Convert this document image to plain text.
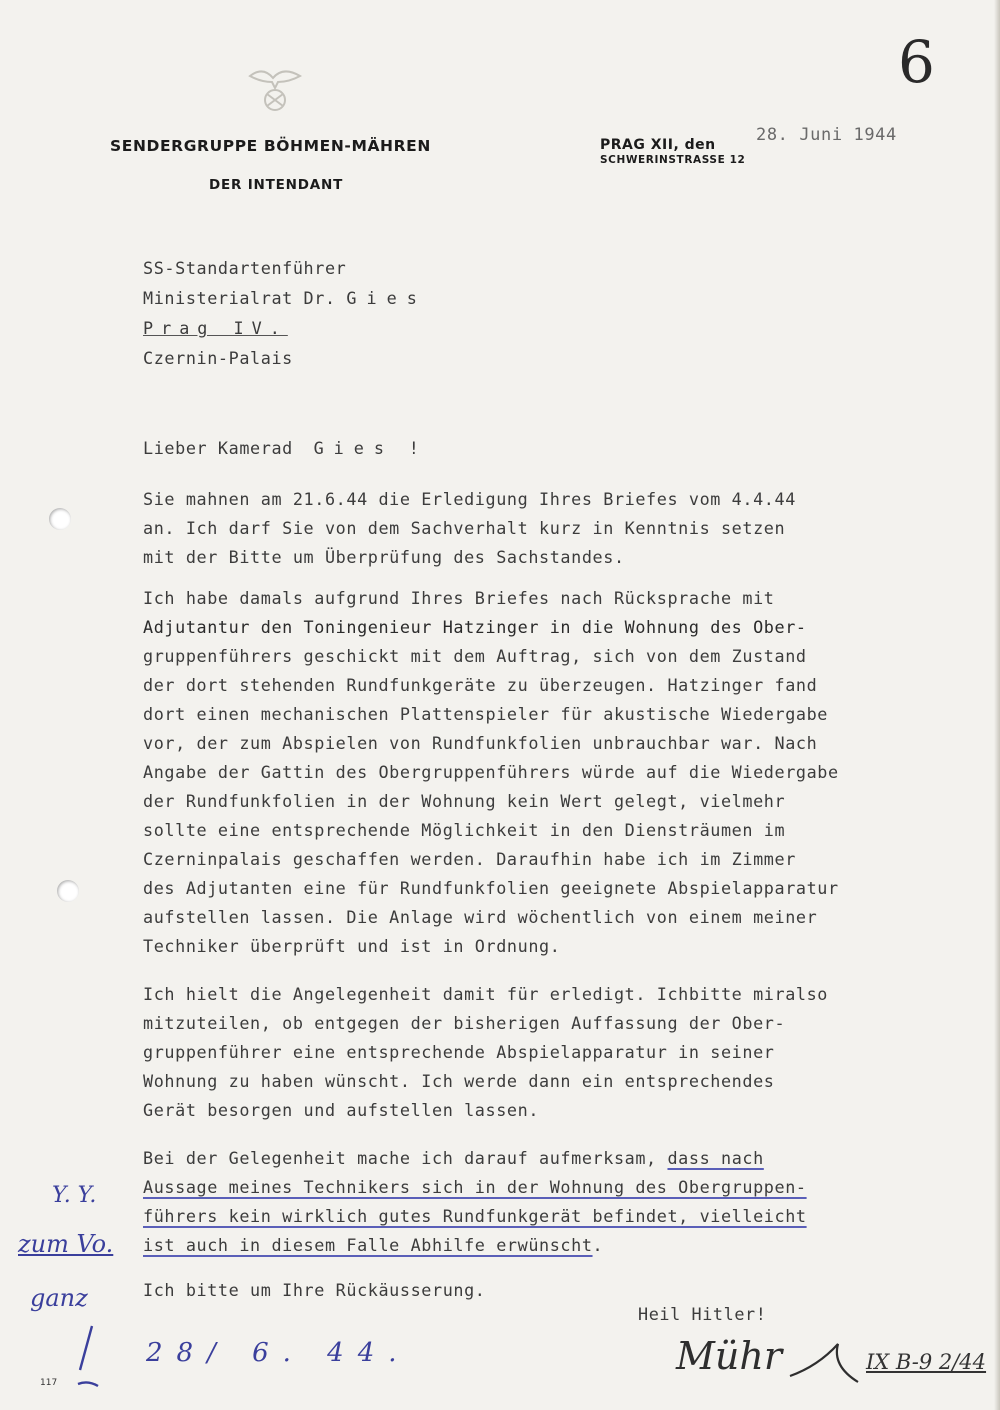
6
SENDERGRUPPE BÖHMEN-MÄHREN
DER INTENDANT
PRAG XII, den
SCHWERINSTRASSE 12
28. Juni 1944
SS-Standartenführer
Ministerialrat Dr. Gies
Prag IV.
Czernin-Palais
Lieber Kamerad Gies !
Sie mahnen am 21.6.44 die Erledigung Ihres Briefes vom 4.4.44
an. Ich darf Sie von dem Sachverhalt kurz in Kenntnis setzen
mit der Bitte um Überprüfung des Sachstandes.
Ich habe damals aufgrund Ihres Briefes nach Rücksprache mit
Adjutantur den Toningenieur Hatzinger in die Wohnung des Ober-
gruppenführers geschickt mit dem Auftrag, sich von dem Zustand
der dort stehenden Rundfunkgeräte zu überzeugen. Hatzinger fand
dort einen mechanischen Plattenspieler für akustische Wiedergabe
vor, der zum Abspielen von Rundfunkfolien unbrauchbar war. Nach
Angabe der Gattin des Obergruppenführers würde auf die Wiedergabe
der Rundfunkfolien in der Wohnung kein Wert gelegt, vielmehr
sollte eine entsprechende Möglichkeit in den Diensträumen im
Czerninpalais geschaffen werden. Daraufhin habe ich im Zimmer
des Adjutanten eine für Rundfunkfolien geeignete Abspielapparatur
aufstellen lassen. Die Anlage wird wöchentlich von einem meiner
Techniker überprüft und ist in Ordnung.
Ich hielt die Angelegenheit damit für erledigt. Ichbitte miralso
mitzuteilen, ob entgegen der bisherigen Auffassung der Ober-
gruppenführer eine entsprechende Abspielapparatur in seiner
Wohnung zu haben wünscht. Ich werde dann ein entsprechendes
Gerät besorgen und aufstellen lassen.
Bei der Gelegenheit mache ich darauf aufmerksam, dass nach
Aussage meines Technikers sich in der Wohnung des Obergruppen-
führers kein wirklich gutes Rundfunkgerät befindet, vielleicht
ist auch in diesem Falle Abhilfe erwünscht.
Ich bitte um Ihre Rückäusserung.
Heil Hitler!
Mühr	IX B-9 2/44
Y. Y.
zum Vo.
ganz
28/ 6. 44.
117
